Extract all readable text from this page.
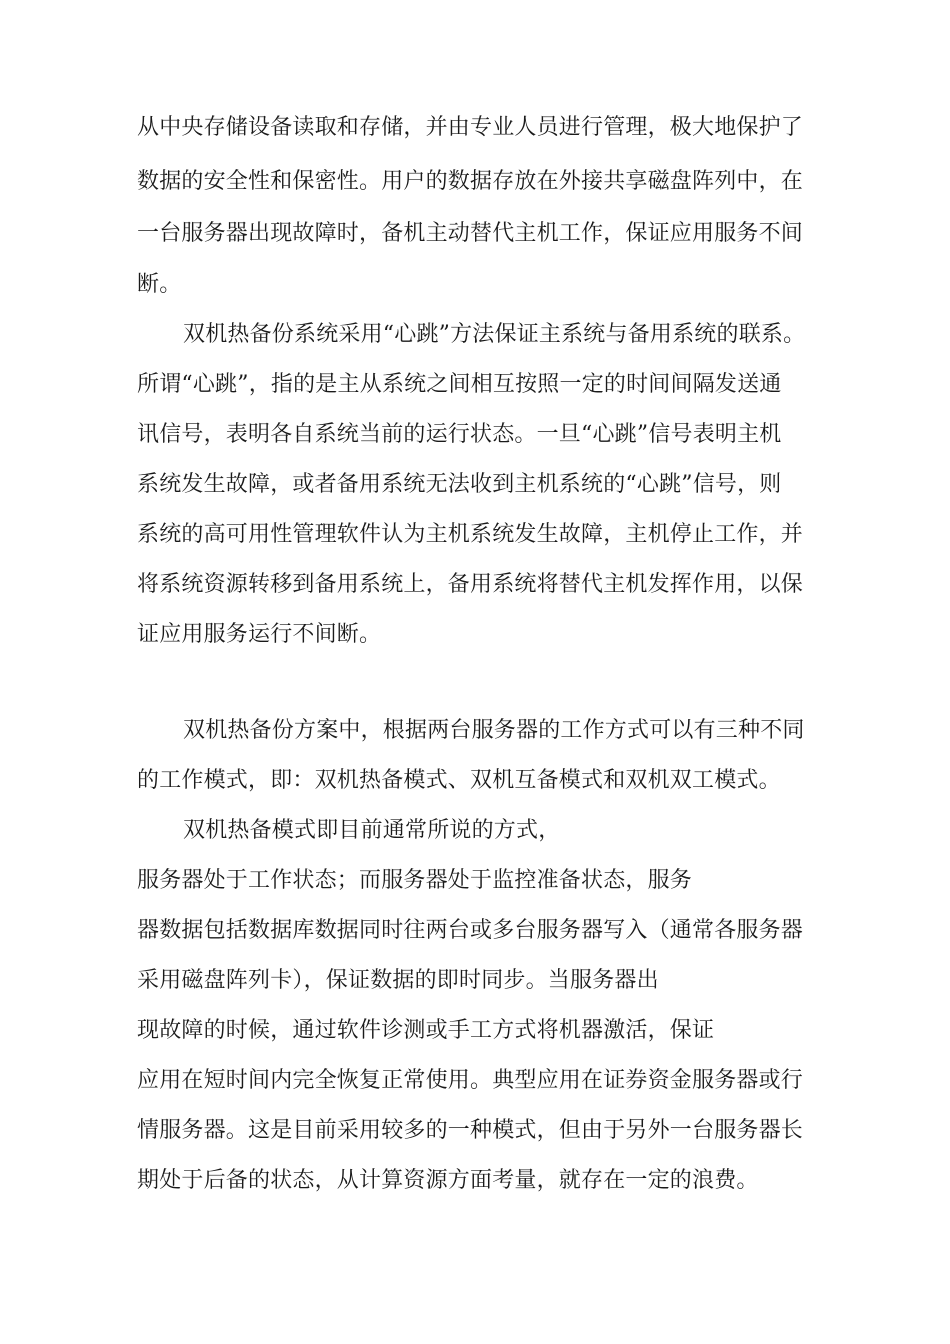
从中央存储设备读取和存储，并由专业人员进行管理，极大地保护了
数据的安全性和保密性。用户的数据存放在外接共享磁盘阵列中，在
一台服务器出现故障时，备机主动替代主机工作，保证应用服务不间
断。
双机热备份系统采用“心跳”方法保证主系统与备用系统的联系。
所谓“心跳”，指的是主从系统之间相互按照一定的时间间隔发送通
讯信号，表明各自系统当前的运行状态。一旦“心跳”信号表明主机
系统发生故障，或者备用系统无法收到主机系统的“心跳”信号，则
系统的高可用性管理软件认为主机系统发生故障，主机停止工作，并
将系统资源转移到备用系统上，备用系统将替代主机发挥作用，以保
证应用服务运行不间断。
双机热备份方案中，根据两台服务器的工作方式可以有三种不同
的工作模式，即：双机热备模式、双机互备模式和双机双工模式。
双机热备模式即目前通常所说的方式，
服务器处于工作状态；而服务器处于监控准备状态，服务
器数据包括数据库数据同时往两台或多台服务器写入（通常各服务器
采用磁盘阵列卡），保证数据的即时同步。当服务器出
现故障的时候，通过软件诊测或手工方式将机器激活，保证
应用在短时间内完全恢复正常使用。典型应用在证券资金服务器或行
情服务器。这是目前采用较多的一种模式，但由于另外一台服务器长
期处于后备的状态，从计算资源方面考量，就存在一定的浪费。
